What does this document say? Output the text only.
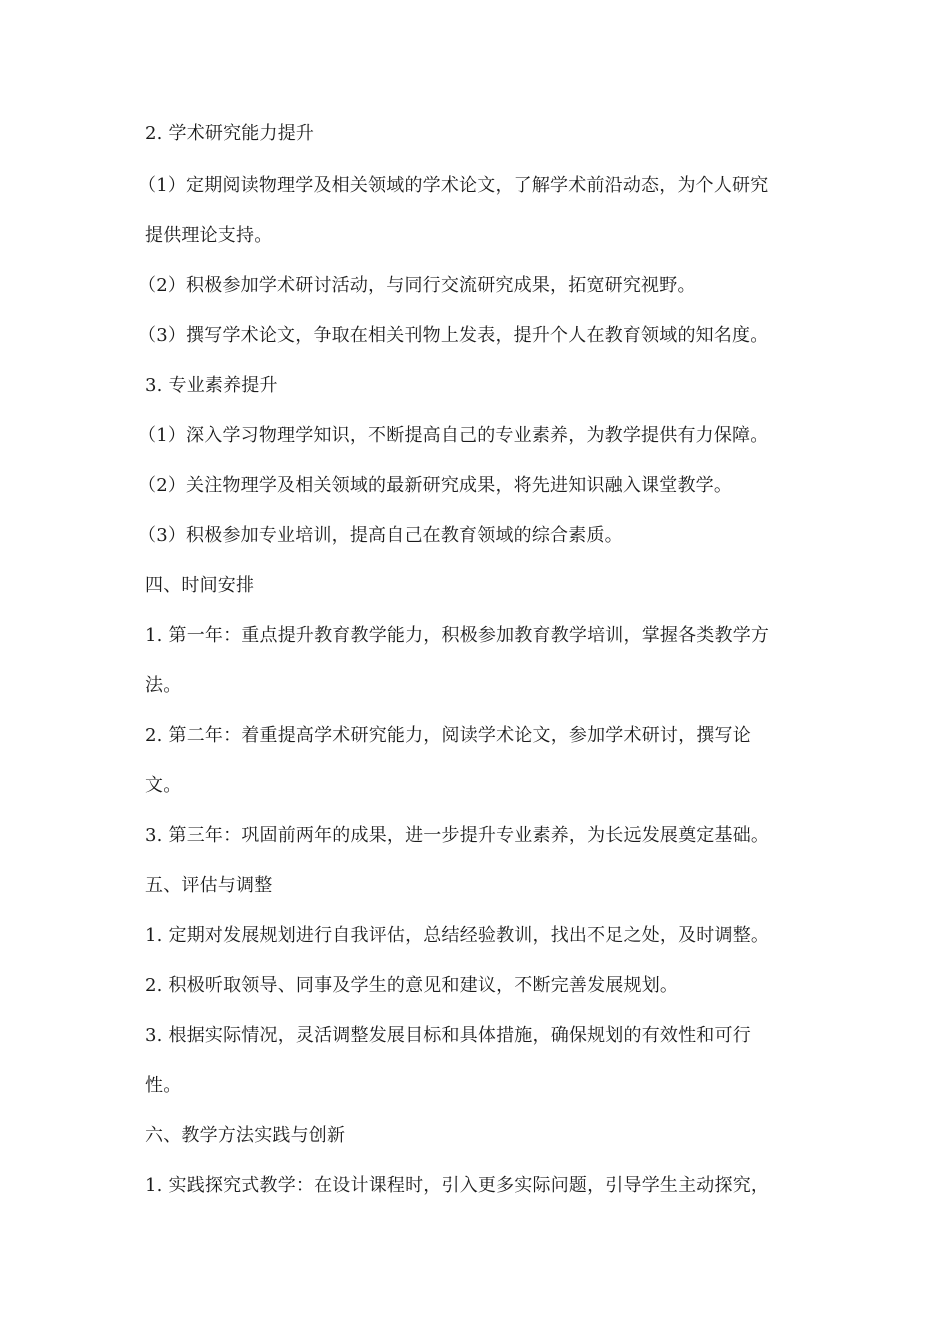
2. 学术研究能力提升
（1）定期阅读物理学及相关领域的学术论文，了解学术前沿动态，为个人研究
提供理论支持。
（2）积极参加学术研讨活动，与同行交流研究成果，拓宽研究视野。
（3）撰写学术论文，争取在相关刊物上发表，提升个人在教育领域的知名度。
3. 专业素养提升
（1）深入学习物理学知识，不断提高自己的专业素养，为教学提供有力保障。
（2）关注物理学及相关领域的最新研究成果，将先进知识融入课堂教学。
（3）积极参加专业培训，提高自己在教育领域的综合素质。
四、时间安排
1. 第一年：重点提升教育教学能力，积极参加教育教学培训，掌握各类教学方
法。
2. 第二年：着重提高学术研究能力，阅读学术论文，参加学术研讨，撰写论
文。
3. 第三年：巩固前两年的成果，进一步提升专业素养，为长远发展奠定基础。
五、评估与调整
1. 定期对发展规划进行自我评估，总结经验教训，找出不足之处，及时调整。
2. 积极听取领导、同事及学生的意见和建议，不断完善发展规划。
3. 根据实际情况，灵活调整发展目标和具体措施，确保规划的有效性和可行
性。
六、教学方法实践与创新
1. 实践探究式教学：在设计课程时，引入更多实际问题，引导学生主动探究，
